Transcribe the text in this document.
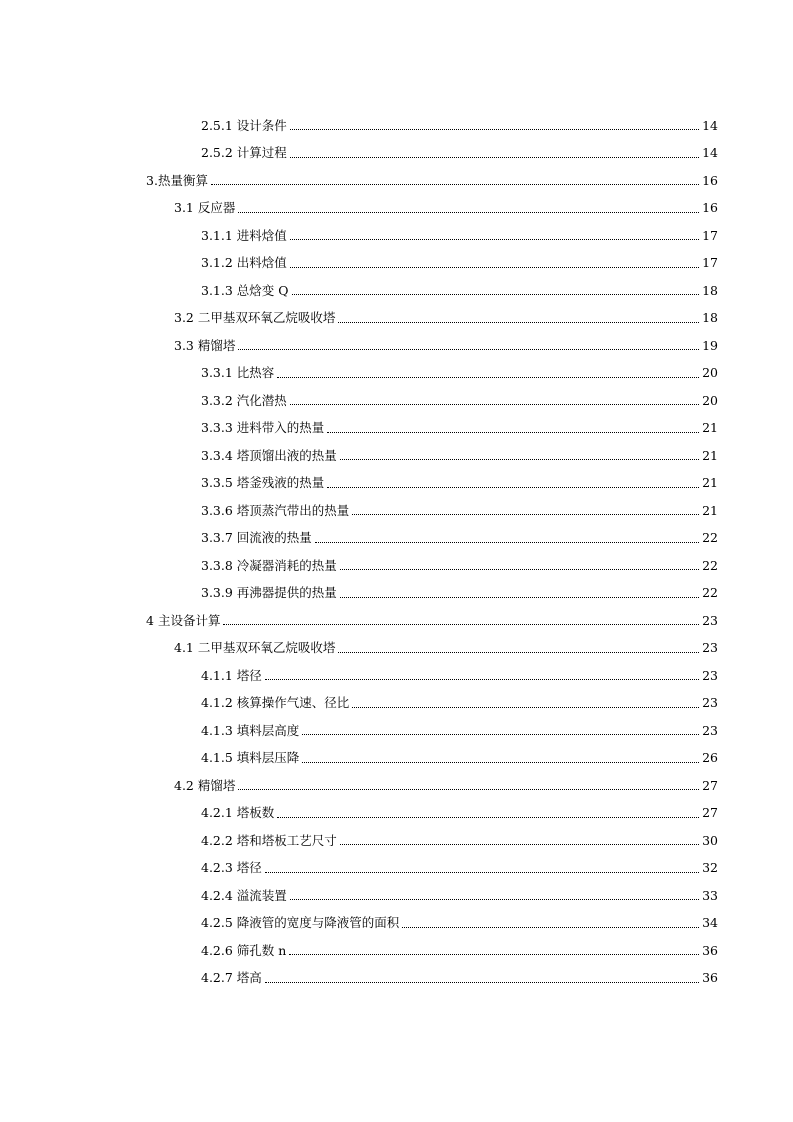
2.5.1 设计条件	14
2.5.2 计算过程	14
3.热量衡算	16
3.1 反应器	16
3.1.1 进料焓值	17
3.1.2 出料焓值	17
3.1.3 总焓变 Q	18
3.2 二甲基双环氧乙烷吸收塔	18
3.3 精馏塔	19
3.3.1 比热容	20
3.3.2 汽化潜热	20
3.3.3 进料带入的热量	21
3.3.4 塔顶馏出液的热量	21
3.3.5 塔釜残液的热量	21
3.3.6 塔顶蒸汽带出的热量	21
3.3.7 回流液的热量	22
3.3.8 冷凝器消耗的热量	22
3.3.9 再沸器提供的热量	22
4 主设备计算	23
4.1 二甲基双环氧乙烷吸收塔	23
4.1.1 塔径	23
4.1.2 核算操作气速、径比	23
4.1.3 填料层高度	23
4.1.5 填料层压降	26
4.2 精馏塔	27
4.2.1 塔板数	27
4.2.2 塔和塔板工艺尺寸	30
4.2.3 塔径	32
4.2.4 溢流装置	33
4.2.5 降液管的宽度与降液管的面积	34
4.2.6 筛孔数 n	36
4.2.7 塔高	36
